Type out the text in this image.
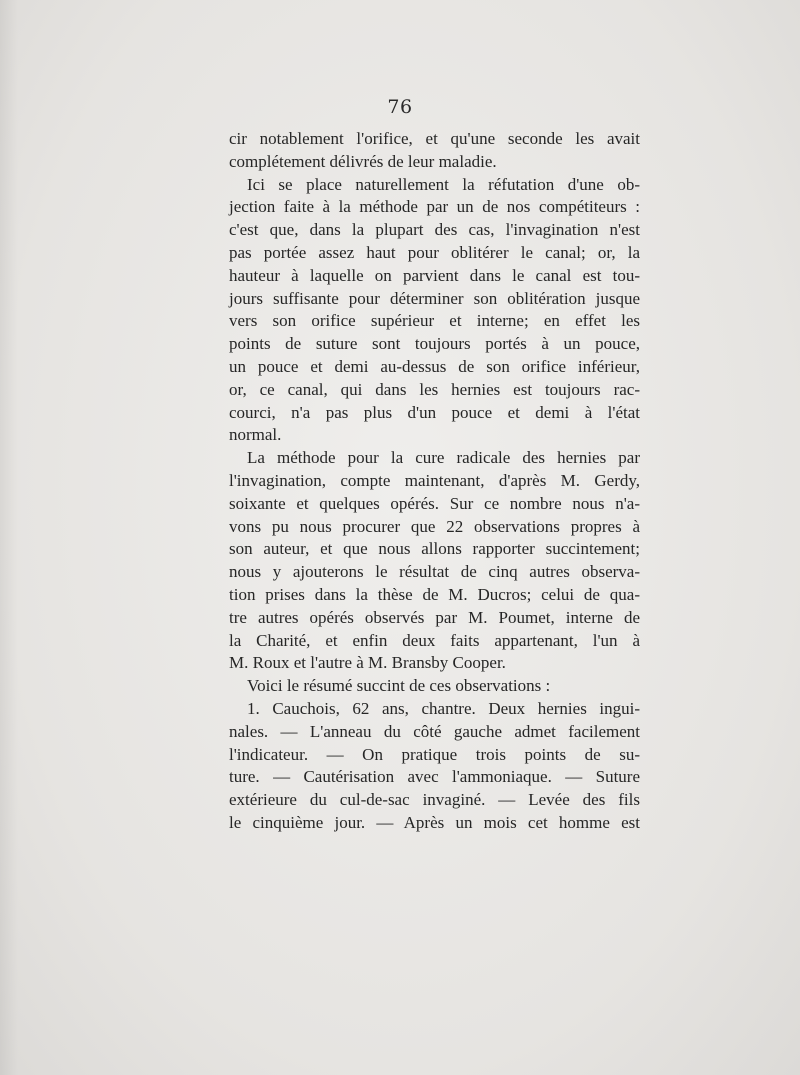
76
cir notablement l'orifice, et qu'une seconde les avait
complétement délivrés de leur maladie.
Ici se place naturellement la réfutation d'une ob-
jection faite à la méthode par un de nos compétiteurs :
c'est que, dans la plupart des cas, l'invagination n'est
pas portée assez haut pour oblitérer le canal; or, la
hauteur à laquelle on parvient dans le canal est tou-
jours suffisante pour déterminer son oblitération jusque
vers son orifice supérieur et interne; en effet les
points de suture sont toujours portés à un pouce,
un pouce et demi au-dessus de son orifice inférieur,
or, ce canal, qui dans les hernies est toujours rac-
courci, n'a pas plus d'un pouce et demi à l'état
normal.
La méthode pour la cure radicale des hernies par
l'invagination, compte maintenant, d'après M. Gerdy,
soixante et quelques opérés. Sur ce nombre nous n'a-
vons pu nous procurer que 22 observations propres à
son auteur, et que nous allons rapporter succintement;
nous y ajouterons le résultat de cinq autres observa-
tion prises dans la thèse de M. Ducros; celui de qua-
tre autres opérés observés par M. Poumet, interne de
la Charité, et enfin deux faits appartenant, l'un à
M. Roux et l'autre à M. Bransby Cooper.
Voici le résumé succint de ces observations :
1. Cauchois, 62 ans, chantre. Deux hernies ingui-
nales. — L'anneau du côté gauche admet facilement
l'indicateur. — On pratique trois points de su-
ture. — Cautérisation avec l'ammoniaque. — Suture
extérieure du cul-de-sac invaginé. — Levée des fils
le cinquième jour. — Après un mois cet homme est
